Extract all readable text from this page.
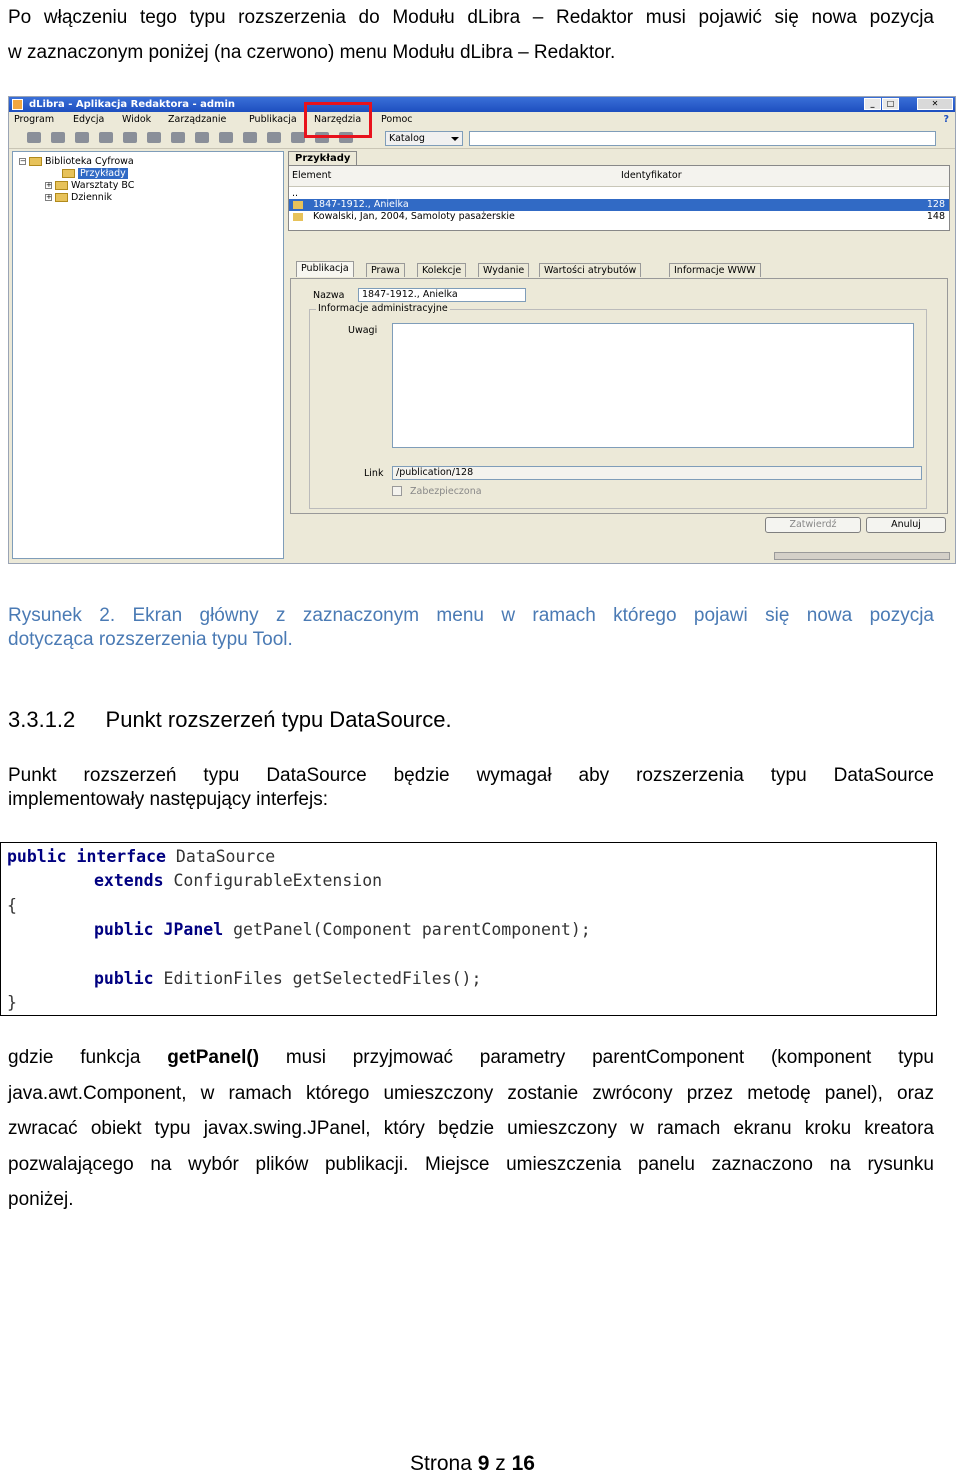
Po włączeniu tego typu rozszerzenia do Modułu dLibra – Redaktor musi pojawić się nowa pozycja
w zaznaczonym poniżej (na czerwono) menu Modułu dLibra – Redaktor.
dLibra - Aplikacja Redaktora - admin	_	□	✕
Program Edycja Widok Zarządzanie Publikacja Narzędzia Pomoc	?
Katalog
− Biblioteka Cyfrowa
Przykłady
+ Warsztaty BC
+ Dziennik
Przykłady
Element	Identyfikator
..
1847-1912., Anielka	128
Kowalski, Jan, 2004, Samoloty pasażerskie	148
Publikacja	Prawa	Kolekcje	Wydanie	Wartości atrybutów	Informacje WWW
Nazwa	1847-1912., Anielka
Informacje administracyjne
Uwagi
Link	/publication/128
Zabezpieczona
Zatwierdź	Anuluj
Rysunek 2. Ekran główny z zaznaczonym menu w ramach którego pojawi się nowa pozycja
dotycząca rozszerzenia typu Tool.
3.3.1.2 Punkt rozszerzeń typu DataSource.
Punkt rozszerzeń typu DataSource będzie wymagał aby rozszerzenia typu DataSource
implementowały następujący interfejs:
public interface DataSource
extends ConfigurableExtension
{
public JPanel getPanel(Component parentComponent);
public EditionFiles getSelectedFiles();
}
gdzie funkcja getPanel() musi przyjmować parametry parentComponent (komponent typu
java.awt.Component, w ramach którego umieszczony zostanie zwrócony przez metodę panel), oraz
zwracać obiekt typu javax.swing.JPanel, który będzie umieszczony w ramach ekranu kroku kreatora
pozwalającego na wybór plików publikacji. Miejsce umieszczenia panelu zaznaczono na rysunku
poniżej.
Strona 9 z 16
